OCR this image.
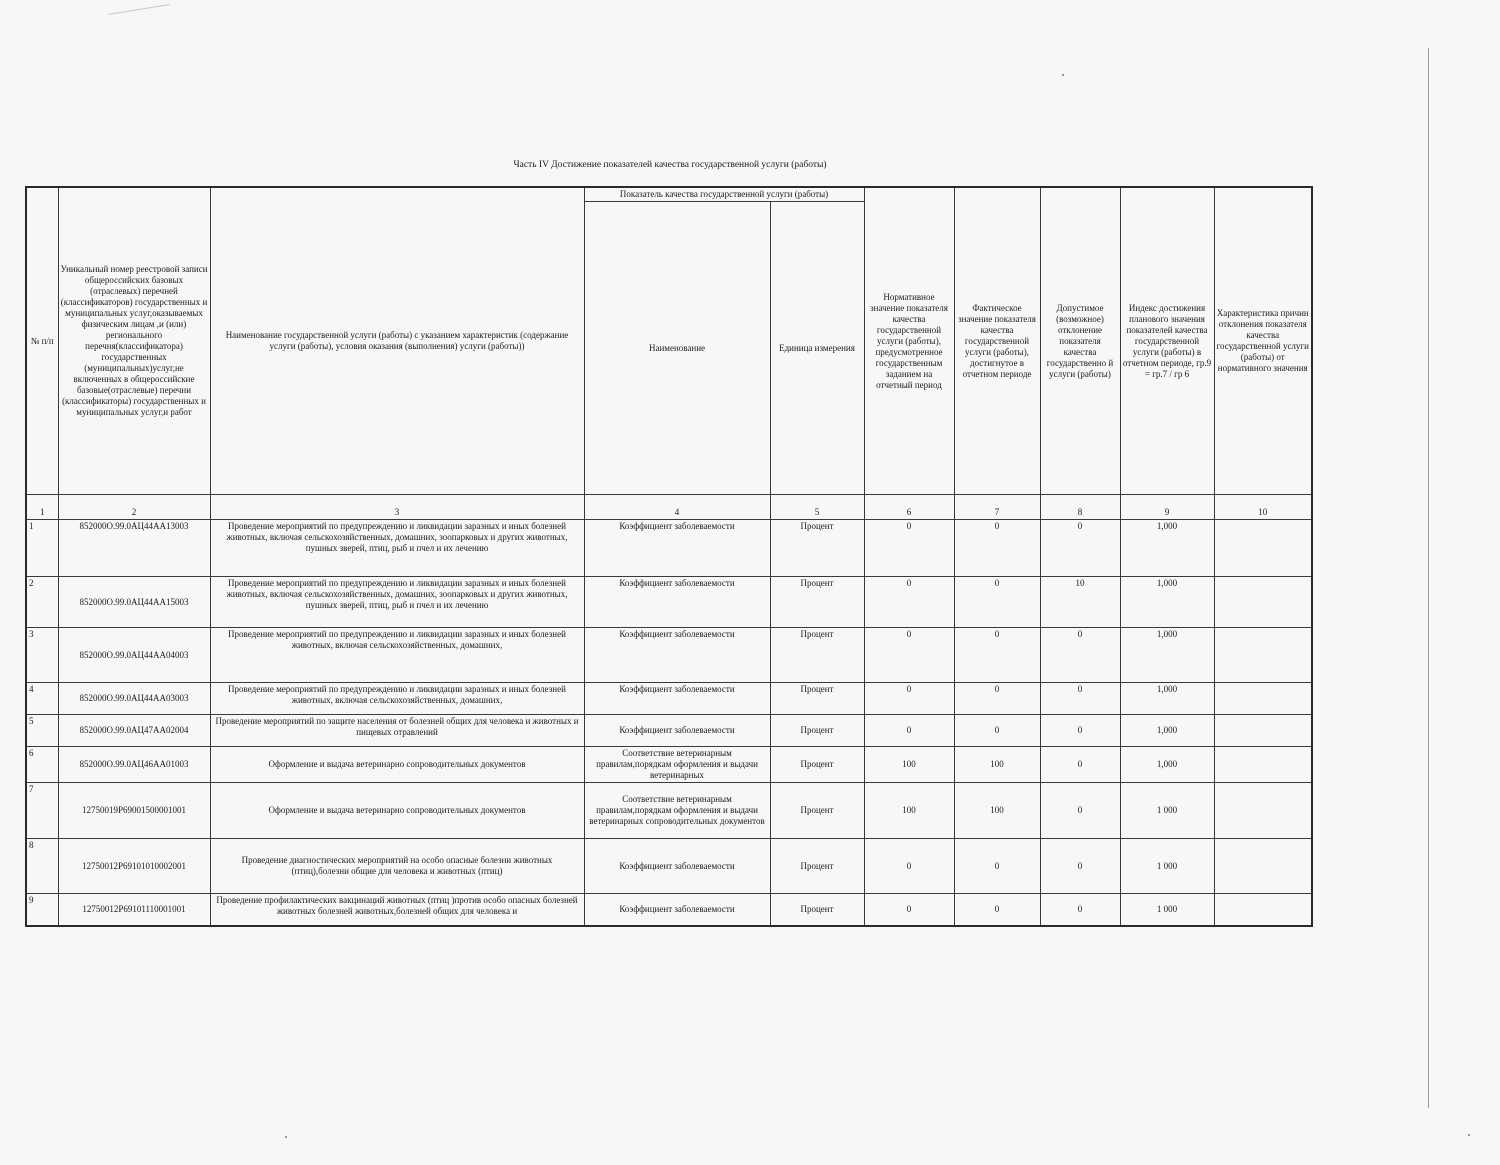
Часть IV Достижение показателей качества государственной услуги (работы)
№ п/п	Уникальный номер реестровой записи общероссийских базовых (отраслевых) перечней (классификаторов) государственных и муниципальных услуг,оказываемых физическим лицам ,и (или) регионального перечня(классификатора) государственных (муниципальных)услуг,не включенных в общероссийские базовые(отраслевые) перечни (классификаторы) государственных и муниципальных услуг,и работ	Наименование государственной услуги (работы) с указанием характеристик (содержание услуги (работы), условия оказания (выполнения) услуги (работы))	Показатель качества государственной услуги (работы)		Нормативное значение показателя качества государственной услуги (работы), предусмотренное государственным заданием на отчетный период	Фактическое значение показателя качества государственной услуги (работы), достигнутое в отчетном периоде	Допустимое (возможное) отклонение показателя качества государственно й услуги (работы)	Индекс достижения планового значения показателей качества государственной услуги (работы) в отчетном периоде, гр.9 = гр.7 / гр 6	Характеристика причин отклонения показателя качества государственной услуги (работы) от нормативного значения
			Наименование	Единица измерения					
1	2	3	4	5	6	7	8	9	10
1	852000О.99.0АЦ44АА13003	Проведение мероприятий по предупреждению и ликвидации заразных и иных болезней животных, включая сельскохозяйственных, домашних, зоопарковых и других животных, пушных зверей, птиц, рыб и пчел и их лечению	Коэффициент заболеваемости	Процент	0	0	0	1,000	
2	852000О.99.0АЦ44АА15003	Проведение мероприятий по предупреждению и ликвидации заразных и иных болезней животных, включая сельскохозяйственных, домашних, зоопарковых и других животных, пушных зверей, птиц, рыб и пчел и их лечению	Коэффициент заболеваемости	Процент	0	0	10	1,000	
3	852000О.99.0АЦ44АА04003	Проведение мероприятий по предупреждению и ликвидации заразных и иных болезней животных, включая сельскохозяйственных, домашних,	Коэффициент заболеваемости	Процент	0	0	0	1,000	
4	852000О.99.0АЦ44АА03003	Проведение мероприятий по предупреждению и ликвидации заразных и иных болезней животных, включая сельскохозяйственных, домашних,	Коэффициент заболеваемости	Процент	0	0	0	1,000	
5	852000О.99.0АЦ47АА02004	Проведение мероприятий по защите населения от болезней общих для человека и животных и пищевых отравлений	Коэффициент заболеваемости	Процент	0	0	0	1,000	
6	852000О.99.0АЦ46АА01003	Оформление и выдача ветеринарно сопроводительных документов	Соответствие ветеринарным правилам,порядкам оформления и выдачи ветеринарных	Процент	100	100	0	1,000	
7	12750019Р69001500001001	Оформление и выдача ветеринарно сопроводительных документов	Соответствие ветеринарным правилам,порядкам оформления и выдачи ветеринарных сопроводительных документов	Процент	100	100	0	1 000	
8	12750012Р69101010002001	Проведение диагностических мероприятий на особо опасные болезни животных (птиц),болезни общие для человека и животных (птиц)	Коэффициент заболеваемости	Процент	0	0	0	1 000	
9	12750012Р69101110001001	Проведение профилактических вакцинаций животных (птиц )против особо опасных болезней животных болезней животных,болезней общих для человека и	Коэффициент заболеваемости	Процент	0	0	0	1 000	
